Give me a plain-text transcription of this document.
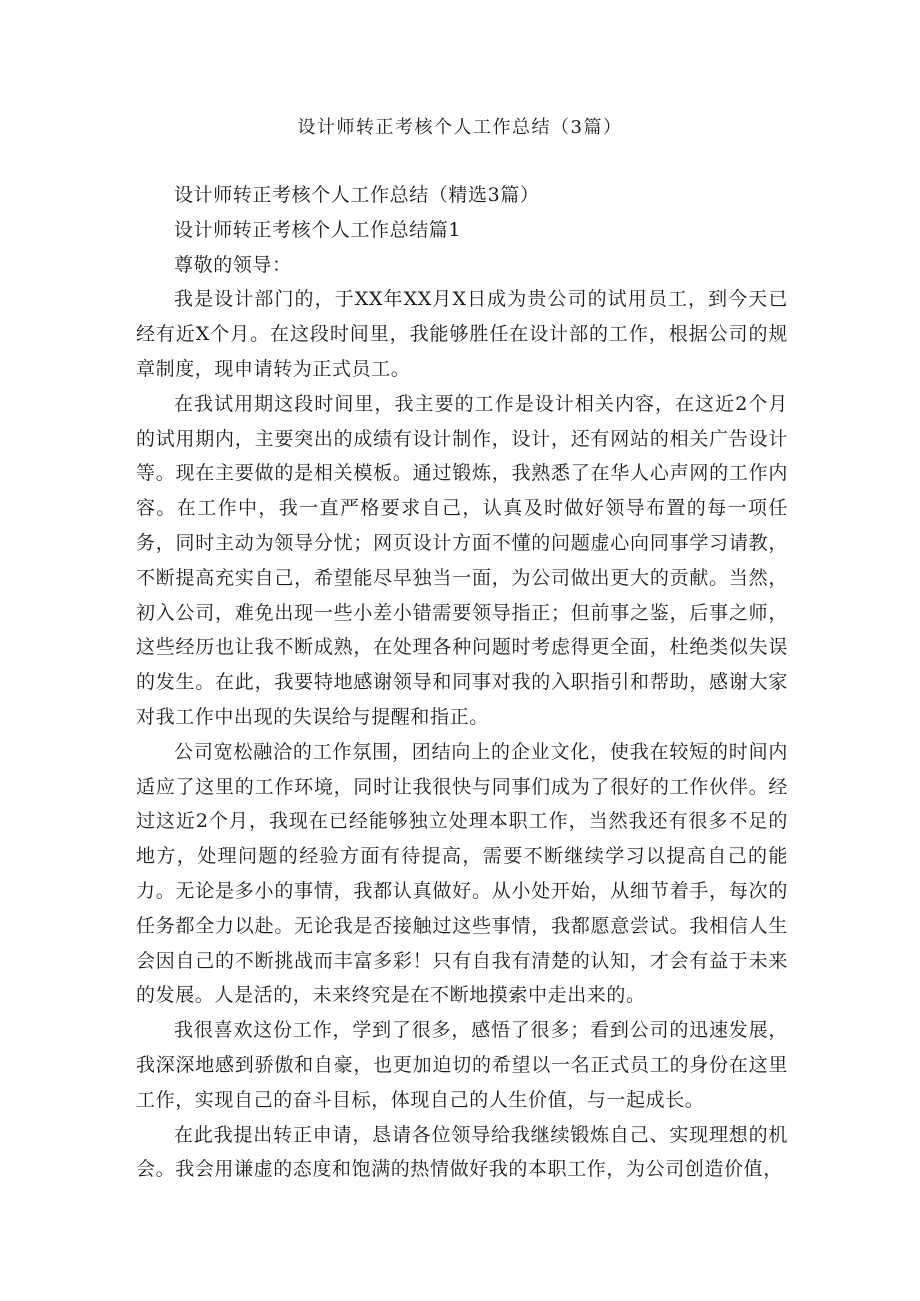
设计师转正考核个人工作总结（3篇）

设计师转正考核个人工作总结（精选3篇）

设计师转正考核个人工作总结篇1

尊敬的领导：

我是设计部门的，于XX年XX月X日成为贵公司的试用员工，到今天已经有近X个月。在这段时间里，我能够胜任在设计部的工作，根据公司的规章制度，现申请转为正式员工。

在我试用期这段时间里，我主要的工作是设计相关内容，在这近2个月的试用期内，主要突出的成绩有设计制作，设计，还有网站的相关广告设计等。现在主要做的是相关模板。通过锻炼，我熟悉了在华人心声网的工作内容。在工作中，我一直严格要求自己，认真及时做好领导布置的每一项任务，同时主动为领导分忧；网页设计方面不懂的问题虚心向同事学习请教，不断提高充实自己，希望能尽早独当一面，为公司做出更大的贡献。当然，初入公司，难免出现一些小差小错需要领导指正；但前事之鉴，后事之师，这些经历也让我不断成熟，在处理各种问题时考虑得更全面，杜绝类似失误的发生。在此，我要特地感谢领导和同事对我的入职指引和帮助，感谢大家对我工作中出现的失误给与提醒和指正。

公司宽松融洽的工作氛围，团结向上的企业文化，使我在较短的时间内适应了这里的工作环境，同时让我很快与同事们成为了很好的工作伙伴。经过这近2个月，我现在已经能够独立处理本职工作，当然我还有很多不足的地方，处理问题的经验方面有待提高，需要不断继续学习以提高自己的能力。无论是多小的事情，我都认真做好。从小处开始，从细节着手，每次的任务都全力以赴。无论我是否接触过这些事情，我都愿意尝试。我相信人生会因自己的不断挑战而丰富多彩！只有自我有清楚的认知，才会有益于未来的发展。人是活的，未来终究是在不断地摸索中走出来的。

我很喜欢这份工作，学到了很多，感悟了很多；看到公司的迅速发展，我深深地感到骄傲和自豪，也更加迫切的希望以一名正式员工的身份在这里工作，实现自己的奋斗目标，体现自己的人生价值，与一起成长。

在此我提出转正申请，恳请各位领导给我继续锻炼自己、实现理想的机会。我会用谦虚的态度和饱满的热情做好我的本职工作，为公司创造价值，
